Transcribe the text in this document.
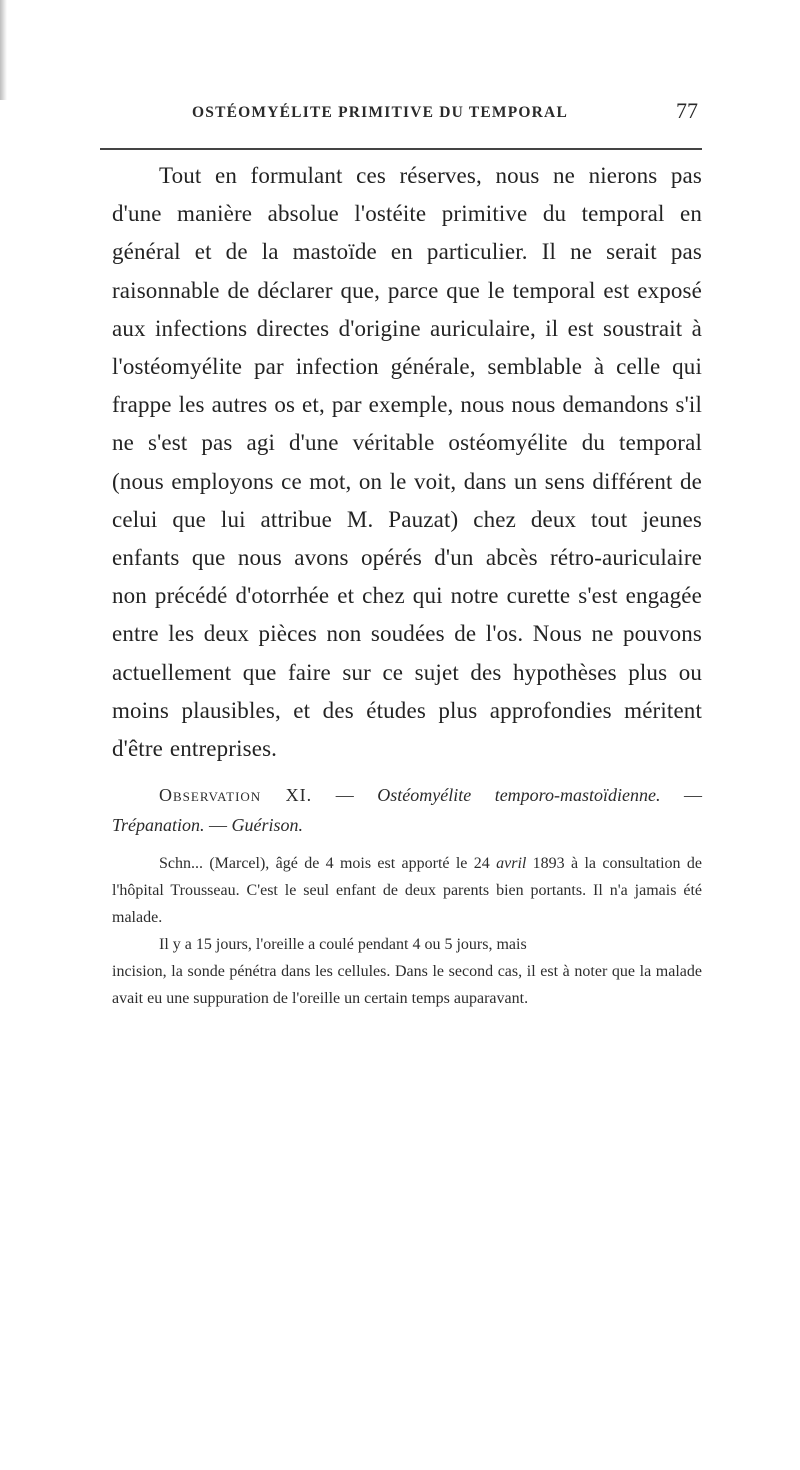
OSTÉOMYÉLITE PRIMITIVE DU TEMPORAL	77

Tout en formulant ces réserves, nous ne nierons pas d'une manière absolue l'ostéite primitive du temporal en général et de la mastoïde en particulier. Il ne serait pas raisonnable de déclarer que, parce que le temporal est exposé aux infections directes d'origine auriculaire, il est soustrait à l'ostéomyélite par infection générale, semblable à celle qui frappe les autres os et, par exemple, nous nous demandons s'il ne s'est pas agi d'une véritable ostéomyélite du temporal (nous employons ce mot, on le voit, dans un sens différent de celui que lui attribue M. Pauzat) chez deux tout jeunes enfants que nous avons opérés d'un abcès rétro-auriculaire non précédé d'otorrhée et chez qui notre curette s'est engagée entre les deux pièces non soudées de l'os. Nous ne pouvons actuellement que faire sur ce sujet des hypothèses plus ou moins plausibles, et des études plus approfondies méritent d'être entreprises.

Observation XI. — Ostéomyélite temporo-mastoïdienne. — Trépanation. — Guérison.

Schn... (Marcel), âgé de 4 mois est apporté le 24 avril 1893 à la consultation de l'hôpital Trousseau. C'est le seul enfant de deux parents bien portants. Il n'a jamais été malade.

Il y a 15 jours, l'oreille a coulé pendant 4 ou 5 jours, mais

incision, la sonde pénétra dans les cellules. Dans le second cas, il est à noter que la malade avait eu une suppuration de l'oreille un certain temps auparavant.
